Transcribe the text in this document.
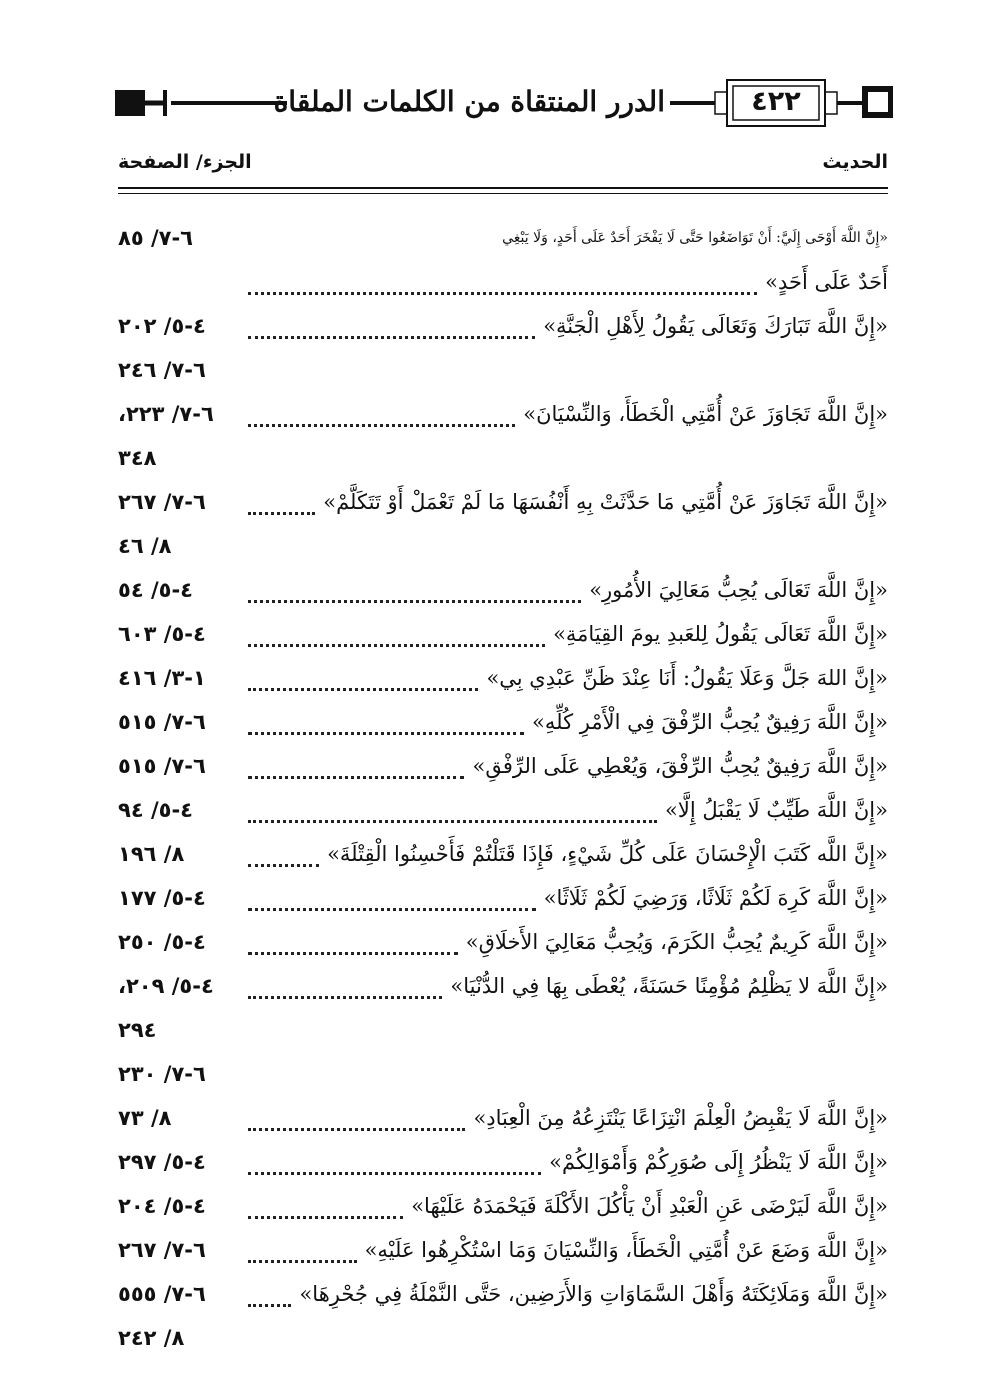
الدرر المنتقاة من الكلمات الملقاة	٤٢٢
الحديث
الجزء/ الصفحة
«إِنَّ اللَّهَ أَوْحَى إِلَيَّ: أَنْ تَوَاضَعُوا حَتَّى لَا يَفْخَرَ أَحَدٌ عَلَى أَحَدٍ، وَلَا يَبْغِي
٦-٧/ ٨٥
أَحَدٌ عَلَى أَحَدٍ»
«إِنَّ اللَّهَ تَبَارَكَ وَتَعَالَى يَقُولُ لِأَهْلِ الْجَنَّةِ»
٤-٥/ ٢٠٢
٦-٧/ ٢٤٦
«إِنَّ اللَّهَ تَجَاوَزَ عَنْ أُمَّتِي الْخَطَأَ، وَالنِّسْيَانَ»
٦-٧/ ٢٢٣،
٣٤٨
«إِنَّ اللَّهَ تَجَاوَزَ عَنْ أُمَّتِي مَا حَدَّثَتْ بِهِ أَنْفُسَهَا مَا لَمْ تَعْمَلْ أَوْ تَتَكَلَّمْ»
٦-٧/ ٢٦٧
٨/ ٤٦
«إِنَّ اللَّهَ تَعَالَى يُحِبُّ مَعَالِيَ الأُمُورِ»
٤-٥/ ٥٤
«إِنَّ اللَّهَ تَعَالَى يَقُولُ لِلعَبدِ يومَ القِيَامَةِ»
٤-٥/ ٦٠٣
«إِنَّ اللهَ جَلَّ وَعَلَا يَقُولُ: أَنَا عِنْدَ ظَنِّ عَبْدِي بِي»
١-٣/ ٤١٦
«إِنَّ اللَّهَ رَفِيقٌ يُحِبُّ الرِّفْقَ فِي الْأَمْرِ كُلِّهِ»
٦-٧/ ٥١٥
«إِنَّ اللَّهَ رَفِيقٌ يُحِبُّ الرِّفْقَ، وَيُعْطِي عَلَى الرِّفْقِ»
٦-٧/ ٥١٥
«إِنَّ اللَّهَ طَيِّبٌ لَا يَقْبَلُ إِلَّا»
٤-٥/ ٩٤
«إِنَّ اللَّه كَتَبَ الْإِحْسَانَ عَلَى كُلِّ شَيْءٍ، فَإِذَا قَتَلْتُمْ فَأَحْسِنُوا الْقِتْلَةَ»
٨/ ١٩٦
«إِنَّ اللَّهَ كَرِهَ لَكُمْ ثَلَاثًا، وَرَضِيَ لَكُمْ ثَلَاثًا»
٤-٥/ ١٧٧
«إِنَّ اللَّهَ كَرِيمٌ يُحِبُّ الكَرَمَ، وَيُحِبُّ مَعَالِيَ الأَخلَاقِ»
٤-٥/ ٢٥٠
«إِنَّ اللَّهَ لا يَظْلِمُ مُؤْمِنًا حَسَنَةً، يُعْطَى بِهَا فِي الدُّنْيَا»
٤-٥/ ٢٠٩،
٢٩٤
٦-٧/ ٢٣٠
«إِنَّ اللَّهَ لَا يَقْبِضُ الْعِلْمَ انْتِزَاعًا يَنْتَزِعُهُ مِنَ الْعِبَادِ»
٨/ ٧٣
«إِنَّ اللَّهَ لَا يَنْظُرُ إِلَى صُوَرِكُمْ وَأَمْوَالِكُمْ»
٤-٥/ ٢٩٧
«إِنَّ اللَّهَ لَيَرْضَى عَنِ الْعَبْدِ أَنْ يَأْكُلَ الأَكْلَةَ فَيَحْمَدَهُ عَلَيْهَا»
٤-٥/ ٢٠٤
«إِنَّ اللَّهَ وَضَعَ عَنْ أُمَّتِي الْخَطَأَ، وَالنِّسْيَانَ وَمَا اسْتُكْرِهُوا عَلَيْهِ»
٦-٧/ ٢٦٧
«إِنَّ اللَّهَ وَمَلَائِكَتَهُ وَأَهْلَ السَّمَاوَاتِ وَالأَرَضِين، حَتَّى النَّمْلَةُ فِي جُحْرِهَا»
٦-٧/ ٥٥٥
٨/ ٢٤٢
